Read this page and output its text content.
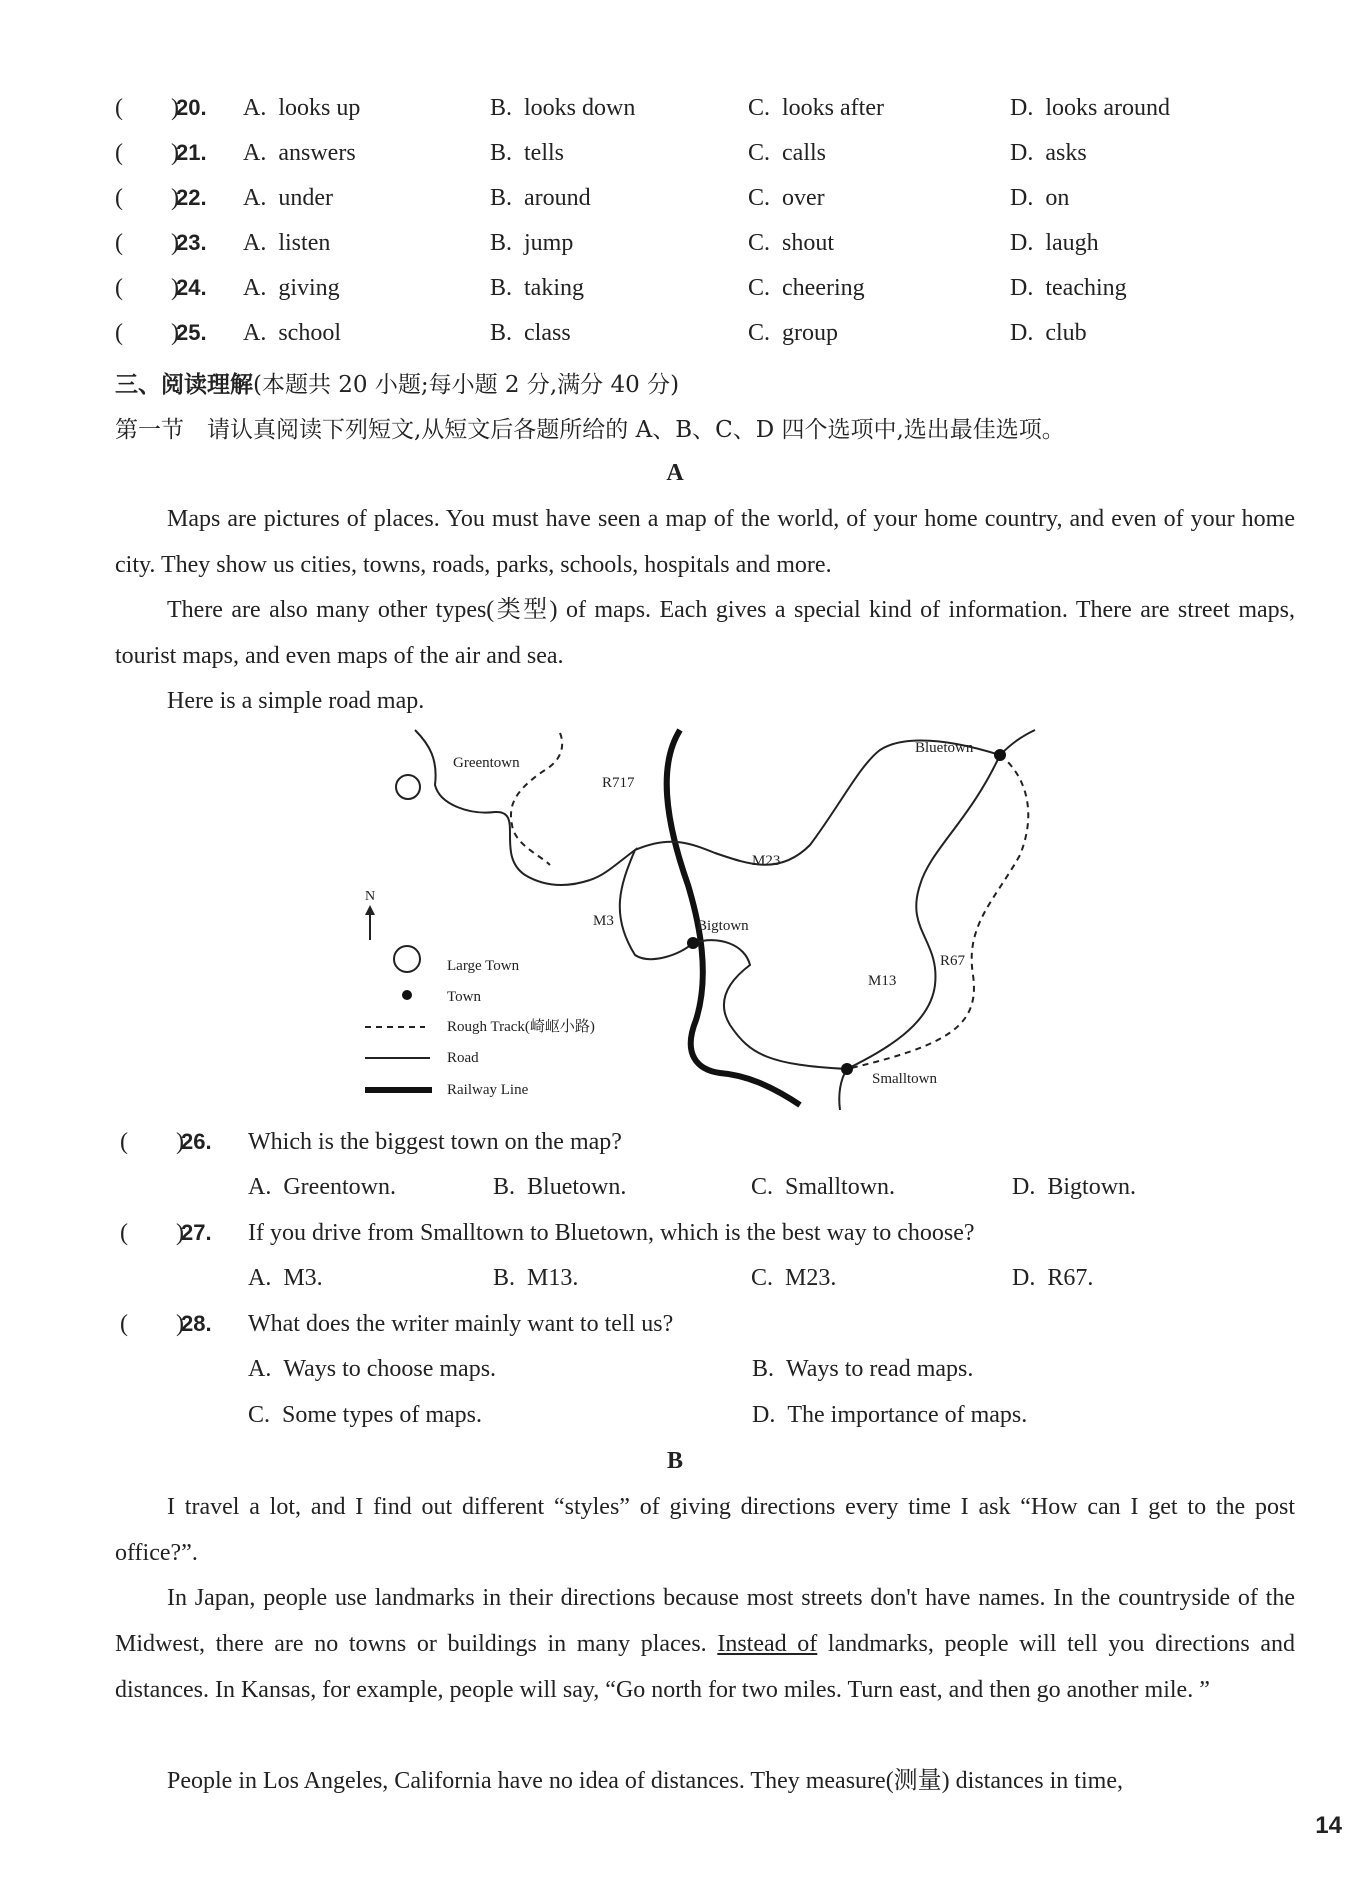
(        )
20. A.  looks up	B.  looks down	C.  looks after	D.  looks around
(        )
21. A.  answers	B.  tells	C.  calls	D.  asks
(        )
22. A.  under	B.  around	C.  over	D.  on
(        )
23. A.  listen	B.  jump	C.  shout	D.  laugh
(        )
24. A.  giving	B.  taking	C.  cheering	D.  teaching
(        )
25. A.  school	B.  class	C.  group	D.  club
三、阅读理解(本题共 20 小题;每小题 2 分,满分 40 分)
第一节　请认真阅读下列短文,从短文后各题所给的 A、B、C、D 四个选项中,选出最佳选项。
A
Maps are pictures of places. You must have seen a map of the world, of your home country, and even of your home city. They show us cities, towns, roads, parks, schools, hospitals and more.
There are also many other types(类型) of maps. Each gives a special kind of information. There are street maps, tourist maps, and even maps of the air and sea.
Here is a simple road map.
Greentown
Bluetown
Bigtown
Smalltown
R717
M23
M3
M13
R67
N
Large Town
Town
Rough Track(崎岖小路)
Road
Railway Line
(        )
26. Which is the biggest town on the map?
A.  Greentown.	B.  Bluetown.	C.  Smalltown.	D.  Bigtown.
(        )
27. If you drive from Smalltown to Bluetown, which is the best way to choose?
A.  M3.	B.  M13.	C.  M23.	D.  R67.
(        )
28. What does the writer mainly want to tell us?
A.  Ways to choose maps.	B.  Ways to read maps.
C.  Some types of maps.	D.  The importance of maps.
B
I travel a lot, and I find out different “styles” of giving directions every time I ask “How can I get to the post office?”.
In Japan, people use landmarks in their directions because most streets don't have names. In the countryside of the Midwest, there are no towns or buildings in many places. Instead of landmarks, people will tell you directions and distances. In Kansas, for example, people will say, “Go north for two miles. Turn east, and then go another mile. ”
People in Los Angeles, California have no idea of distances. They measure(测量) distances in time,
14
